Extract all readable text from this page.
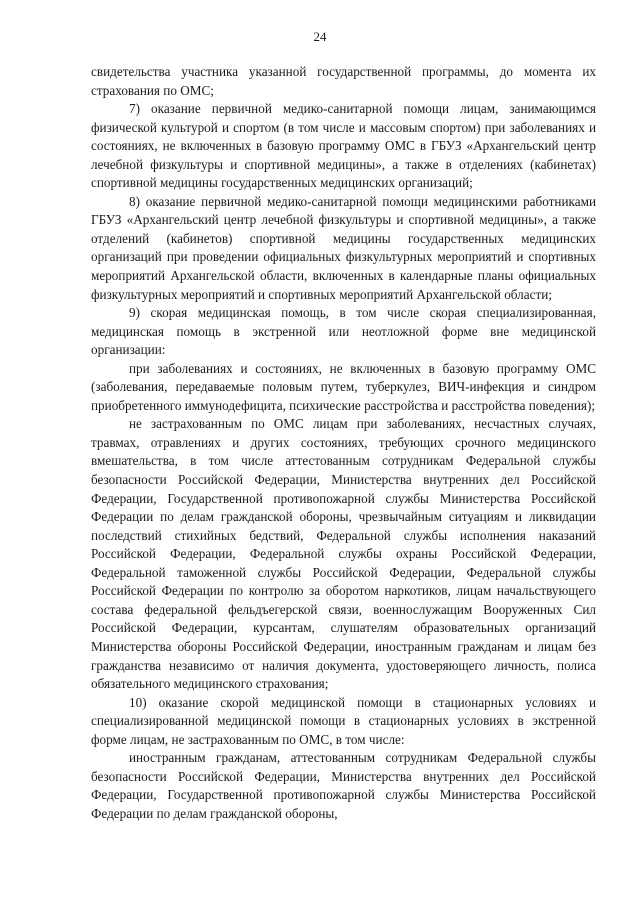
24

свидетельства участника указанной государственной программы, до момента их страхования по ОМС;

7) оказание первичной медико-санитарной помощи лицам, занимающимся физической культурой и спортом (в том числе и массовым спортом) при заболеваниях и состояниях, не включенных в базовую программу ОМС в ГБУЗ «Архангельский центр лечебной физкультуры и спортивной медицины», а также в отделениях (кабинетах) спортивной медицины государственных медицинских организаций;

8) оказание первичной медико-санитарной помощи медицинскими работниками ГБУЗ «Архангельский центр лечебной физкультуры и спортивной медицины», а также отделений (кабинетов) спортивной медицины государственных медицинских организаций при проведении официальных физкультурных мероприятий и спортивных мероприятий Архангельской области, включенных в календарные планы официальных физкультурных мероприятий и спортивных мероприятий Архангельской области;

9) скорая медицинская помощь, в том числе скорая специализированная, медицинская помощь в экстренной или неотложной форме вне медицинской организации:

при заболеваниях и состояниях, не включенных в базовую программу ОМС (заболевания, передаваемые половым путем, туберкулез, ВИЧ-инфекция и синдром приобретенного иммунодефицита, психические расстройства и расстройства поведения);

не застрахованным по ОМС лицам при заболеваниях, несчастных случаях, травмах, отравлениях и других состояниях, требующих срочного медицинского вмешательства, в том числе аттестованным сотрудникам Федеральной службы безопасности Российской Федерации, Министерства внутренних дел Российской Федерации, Государственной противопожарной службы Министерства Российской Федерации по делам гражданской обороны, чрезвычайным ситуациям и ликвидации последствий стихийных бедствий, Федеральной службы исполнения наказаний Российской Федерации, Федеральной службы охраны Российской Федерации, Федеральной таможенной службы Российской Федерации, Федеральной службы Российской Федерации по контролю за оборотом наркотиков, лицам начальствующего состава федеральной фельдъегерской связи, военнослужащим Вооруженных Сил Российской Федерации, курсантам, слушателям образовательных организаций Министерства обороны Российской Федерации, иностранным гражданам и лицам без гражданства независимо от наличия документа, удостоверяющего личность, полиса обязательного медицинского страхования;

10) оказание скорой медицинской помощи в стационарных условиях и специализированной медицинской помощи в стационарных условиях в экстренной форме лицам, не застрахованным по ОМС, в том числе:

иностранным гражданам, аттестованным сотрудникам Федеральной службы безопасности Российской Федерации, Министерства внутренних дел Российской Федерации, Государственной противопожарной службы Министерства Российской Федерации по делам гражданской обороны,
